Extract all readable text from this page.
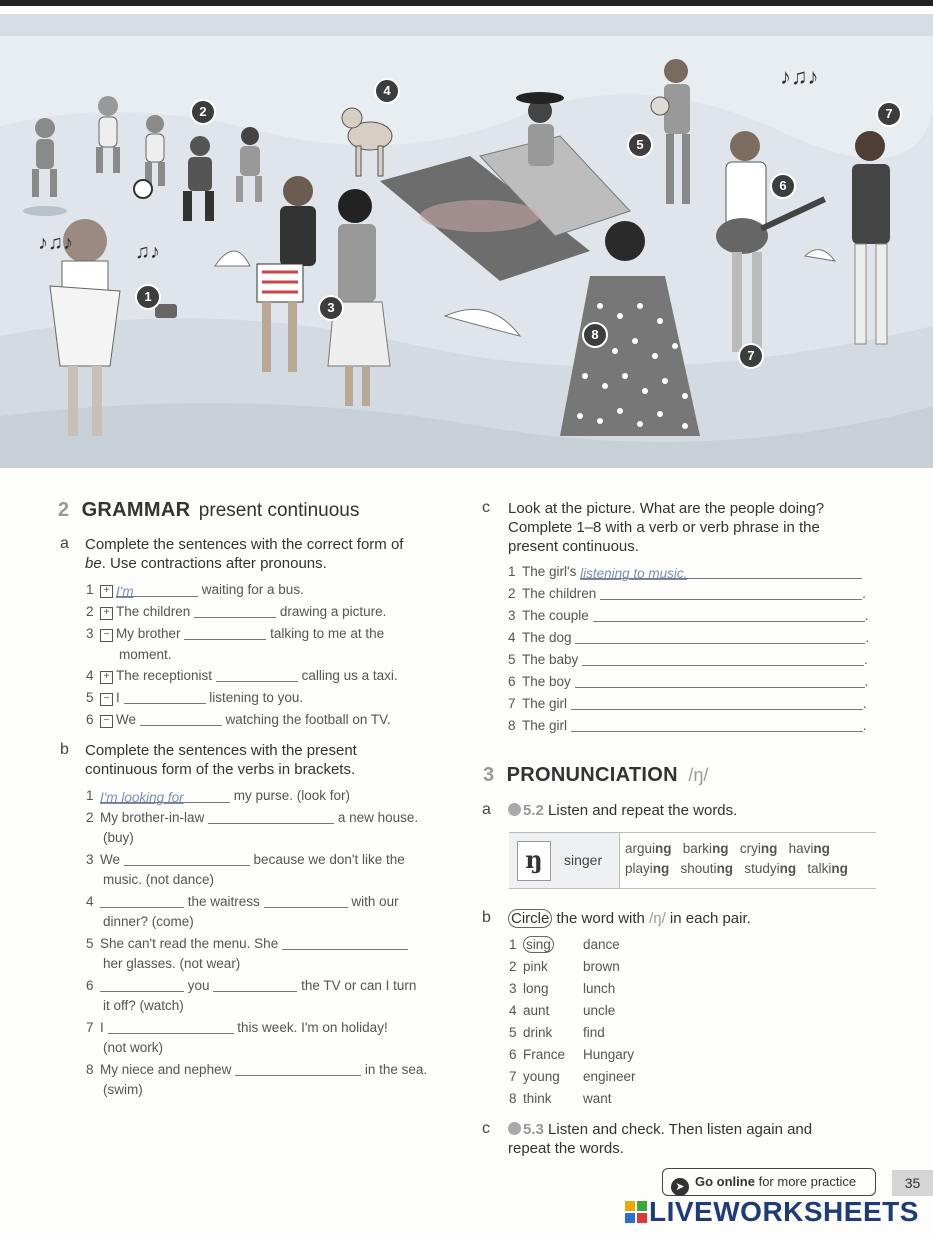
1
2
3
4
5
6
7
8
7
♪♫♪	♫♪
♪♫♪
2 GRAMMAR present continuous
a Complete the sentences with the correct form of
be. Use contractions after pronouns.
1 + I'm	waiting for a bus.
2 + The children	drawing a picture.
3 − My brother	talking to me at the
moment.
4 + The receptionist	calling us a taxi.
5 − I	listening to you.
6 − We	watching the football on TV.
b Complete the sentences with the present
continuous form of the verbs in brackets.
1 I'm looking for	my purse. (look for)
2 My brother-in-law	a new house.
(buy)
3 We	because we don't like the
music. (not dance)
4	the waitress	with our
dinner? (come)
5 She can't read the menu. She
her glasses. (not wear)
6	you	the TV or can I turn
it off? (watch)
7 I	this week. I'm on holiday!
(not work)
8 My niece and nephew	in the sea.
(swim)
c Look at the picture. What are the people doing?
Complete 1–8 with a verb or verb phrase in the
present continuous.
1 The girl's listening to music.
2 The children	.
3 The couple	.
4 The dog	.
5 The baby	.
6 The boy	.
7 The girl	.
8 The girl	.
3 PRONUNCIATION /ŋ/
a	5.2 Listen and repeat the words.
ŋ	singer
arguing barking crying having
playing shouting studying talking
b Circle the word with /ŋ/ in each pair.
1 sing dance
2 pink	brown
3 long	lunch
4 aunt uncle
5 drink find
6 France Hungary
7 young engineer
8 think want
c	5.3 Listen and check. Then listen again and
repeat the words.
➤ Go online for more practice	35
LIVEWORKSHEETS
